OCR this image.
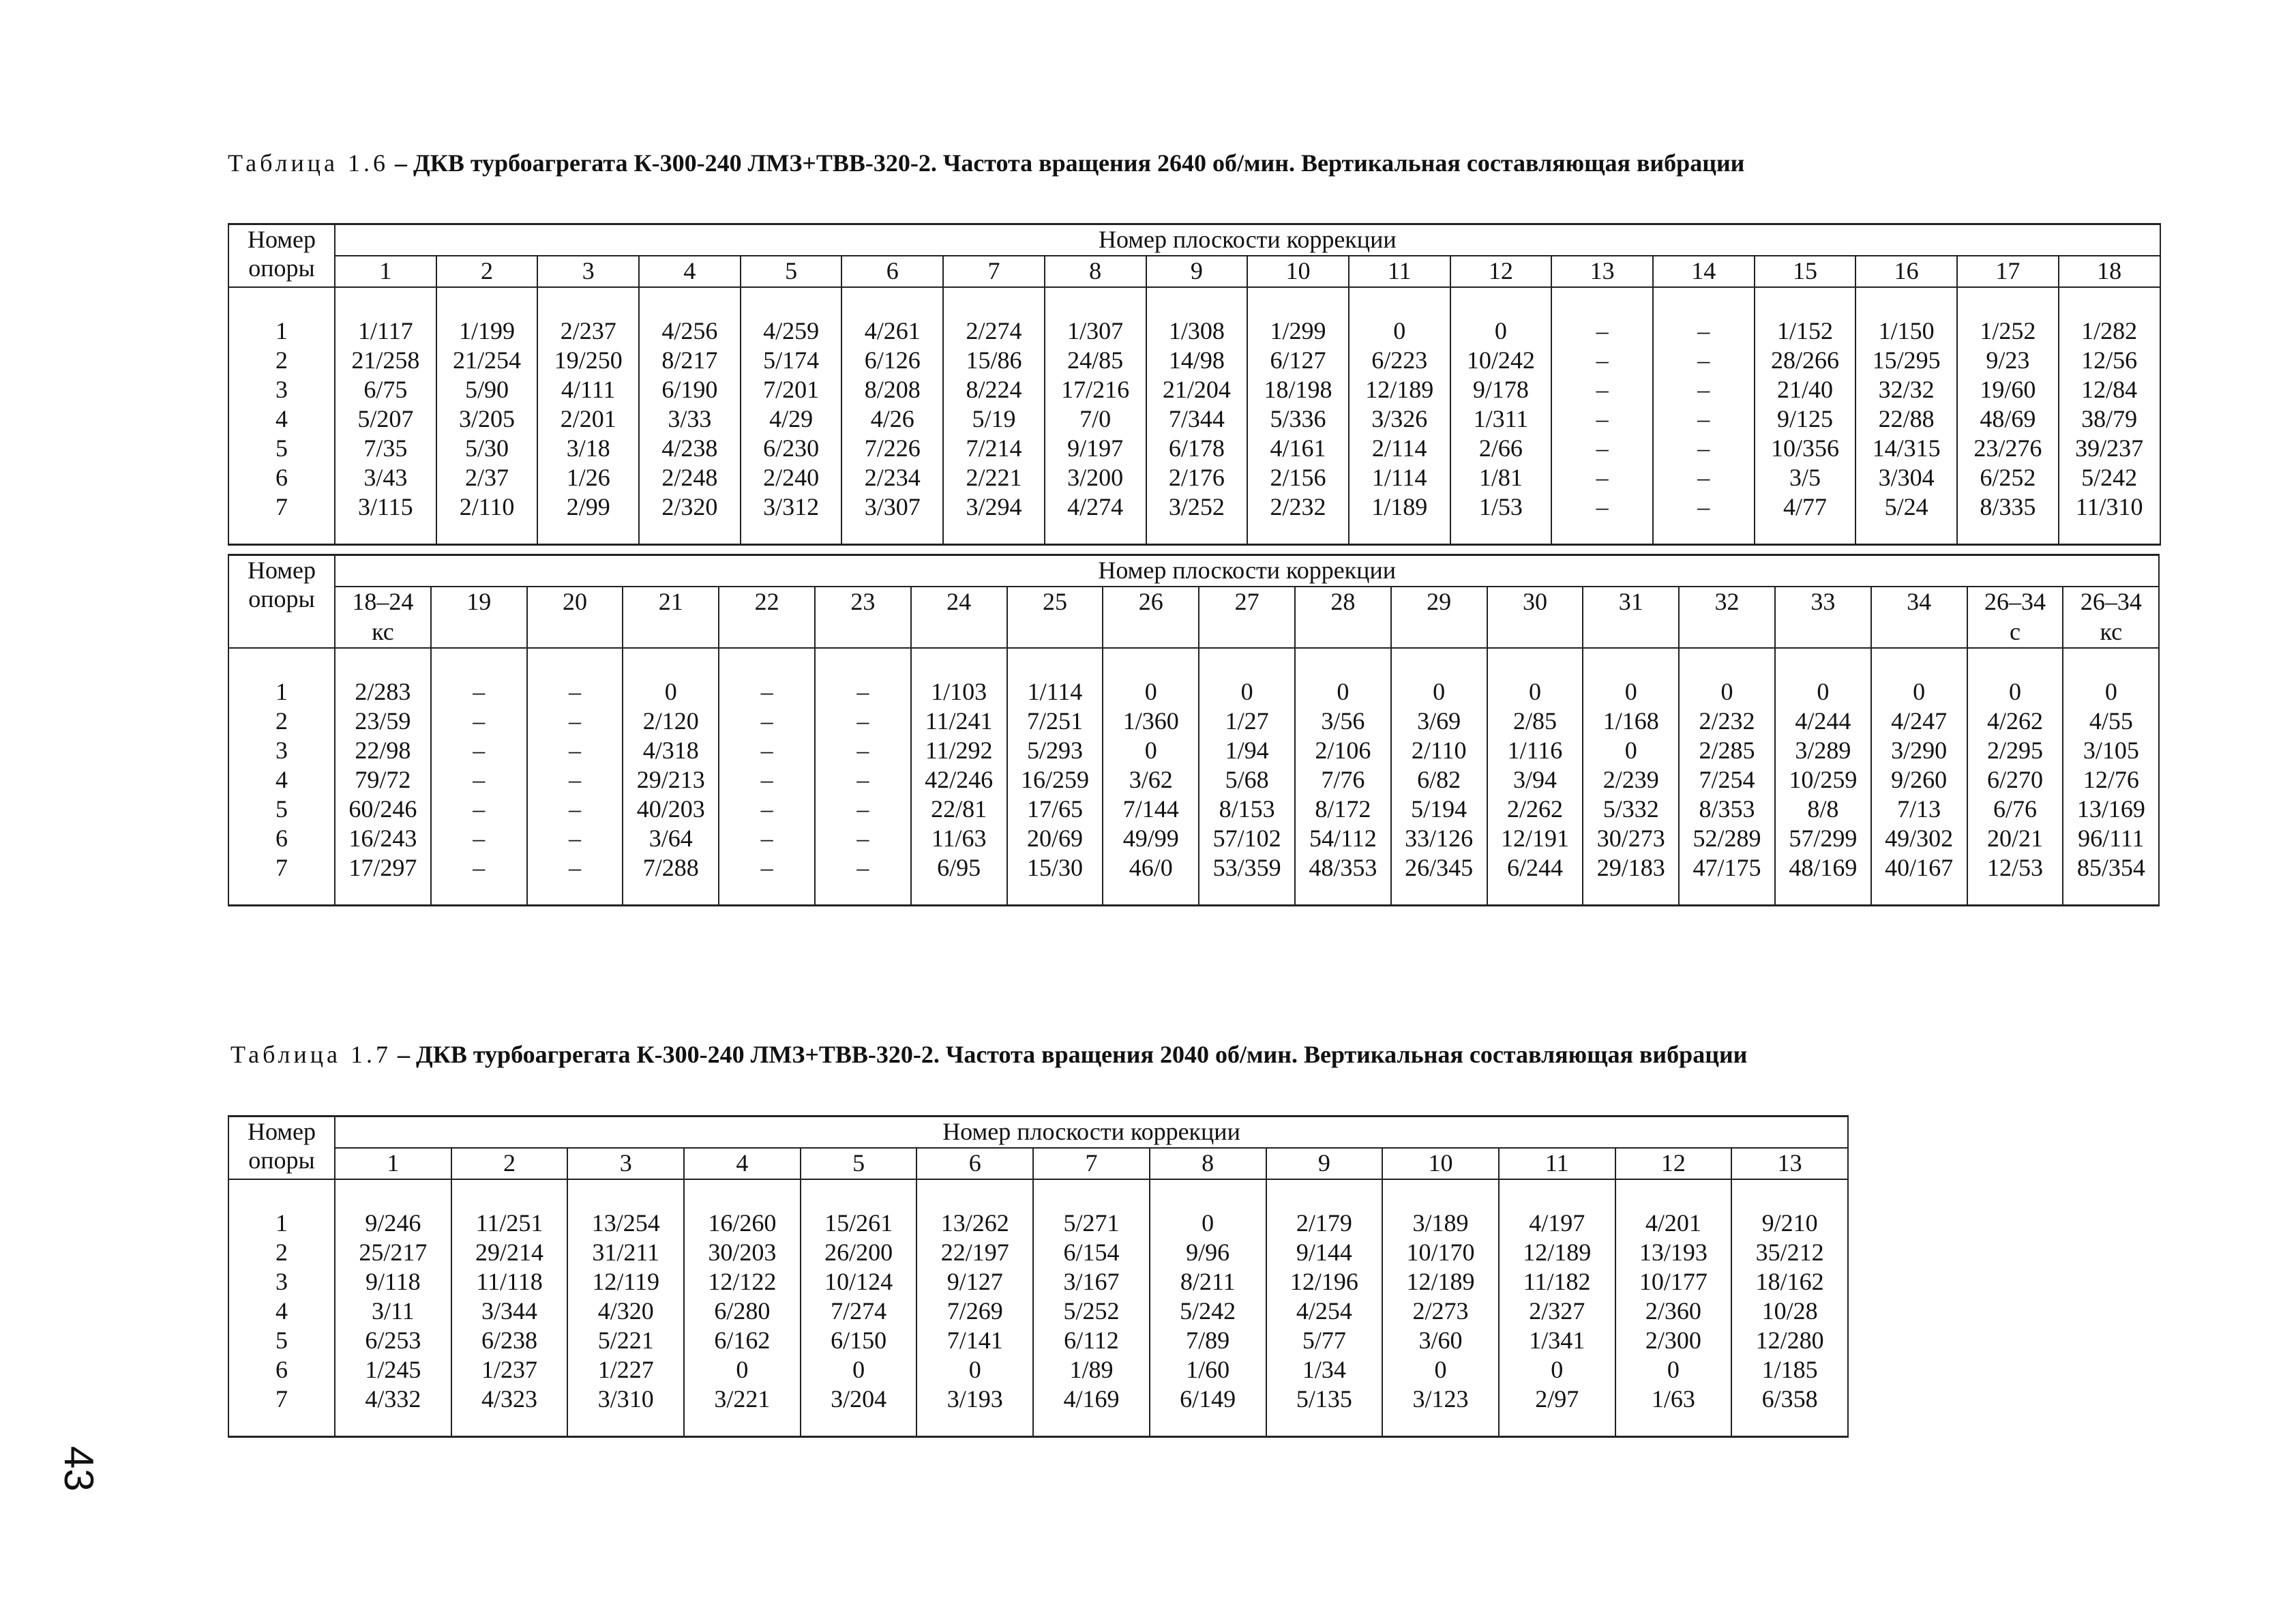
Таблица 1.6 – ДКВ турбоагрегата К-300-240 ЛМЗ+ТВВ-320-2. Частота вращения 2640 об/мин. Вертикальная составляющая вибрации
Номер опоры	Номер плоскости коррекции																	
	1	2	3	4	5	6	7	8	9	10	11	12	13	14	15	16	17	18

1	1/117	1/199	2/237	4/256	4/259	4/261	2/274	1/307	1/308	1/299	0	0	–	–	1/152	1/150	1/252	1/282
2	21/258	21/254	19/250	8/217	5/174	6/126	15/86	24/85	14/98	6/127	6/223	10/242	–	–	28/266	15/295	9/23	12/56
3	6/75	5/90	4/111	6/190	7/201	8/208	8/224	17/216	21/204	18/198	12/189	9/178	–	–	21/40	32/32	19/60	12/84
4	5/207	3/205	2/201	3/33	4/29	4/26	5/19	7/0	7/344	5/336	3/326	1/311	–	–	9/125	22/88	48/69	38/79
5	7/35	5/30	3/18	4/238	6/230	7/226	7/214	9/197	6/178	4/161	2/114	2/66	–	–	10/356	14/315	23/276	39/237
6	3/43	2/37	1/26	2/248	2/240	2/234	2/221	3/200	2/176	2/156	1/114	1/81	–	–	3/5	3/304	6/252	5/242
7	3/115	2/110	2/99	2/320	3/312	3/307	3/294	4/274	3/252	2/232	1/189	1/53	–	–	4/77	5/24	8/335	11/310

Номер опоры	Номер плоскости коррекции																		
	18–24	19	20	21	22	23	24	25	26	27	28	29	30	31	32	33	34	26–34	26–34
	кс																	с	кс

1	2/283	–	–	0	–	–	1/103	1/114	0	0	0	0	0	0	0	0	0	0	0
2	23/59	–	–	2/120	–	–	11/241	7/251	1/360	1/27	3/56	3/69	2/85	1/168	2/232	4/244	4/247	4/262	4/55
3	22/98	–	–	4/318	–	–	11/292	5/293	0	1/94	2/106	2/110	1/116	0	2/285	3/289	3/290	2/295	3/105
4	79/72	–	–	29/213	–	–	42/246	16/259	3/62	5/68	7/76	6/82	3/94	2/239	7/254	10/259	9/260	6/270	12/76
5	60/246	–	–	40/203	–	–	22/81	17/65	7/144	8/153	8/172	5/194	2/262	5/332	8/353	8/8	7/13	6/76	13/169
6	16/243	–	–	3/64	–	–	11/63	20/69	49/99	57/102	54/112	33/126	12/191	30/273	52/289	57/299	49/302	20/21	96/111
7	17/297	–	–	7/288	–	–	6/95	15/30	46/0	53/359	48/353	26/345	6/244	29/183	47/175	48/169	40/167	12/53	85/354

Таблица 1.7 – ДКВ турбоагрегата К-300-240 ЛМЗ+ТВВ-320-2. Частота вращения 2040 об/мин. Вертикальная составляющая вибрации
Номер опоры	Номер плоскости коррекции												
	1	2	3	4	5	6	7	8	9	10	11	12	13

1	9/246	11/251	13/254	16/260	15/261	13/262	5/271	0	2/179	3/189	4/197	4/201	9/210
2	25/217	29/214	31/211	30/203	26/200	22/197	6/154	9/96	9/144	10/170	12/189	13/193	35/212
3	9/118	11/118	12/119	12/122	10/124	9/127	3/167	8/211	12/196	12/189	11/182	10/177	18/162
4	3/11	3/344	4/320	6/280	7/274	7/269	5/252	5/242	4/254	2/273	2/327	2/360	10/28
5	6/253	6/238	5/221	6/162	6/150	7/141	6/112	7/89	5/77	3/60	1/341	2/300	12/280
6	1/245	1/237	1/227	0	0	0	1/89	1/60	1/34	0	0	0	1/185
7	4/332	4/323	3/310	3/221	3/204	3/193	4/169	6/149	5/135	3/123	2/97	1/63	6/358

43
